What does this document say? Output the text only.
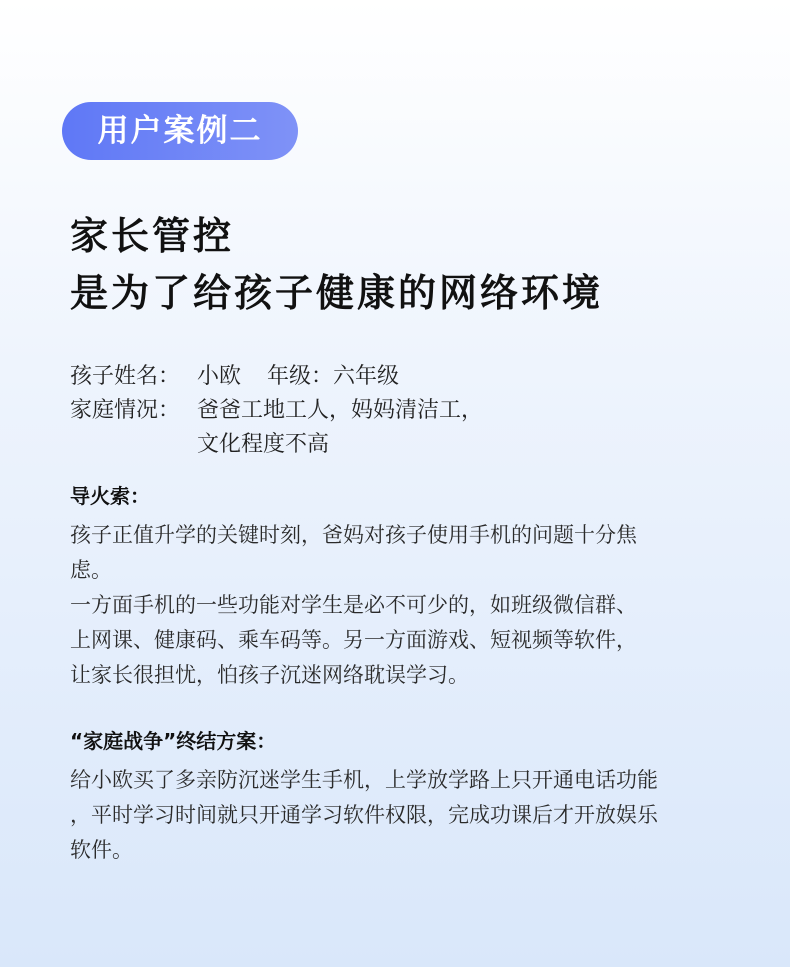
用户案例二
家长管控
是为了给孩子健康的网络环境
孩子姓名： 小欧 年级： 六年级
家庭情况： 爸爸工地工人，妈妈清洁工，
文化程度不高
导火索：

孩子正值升学的关键时刻，爸妈对孩子使用手机的问题十分焦

虑。

一方面手机的一些功能对学生是必不可少的，如班级微信群、

上网课、健康码、乘车码等。另一方面游戏、短视频等软件，

让家长很担忧，怕孩子沉迷网络耽误学习。

“家庭战争”终结方案：

给小欧买了多亲防沉迷学生手机，上学放学路上只开通电话功能

，平时学习时间就只开通学习软件权限，完成功课后才开放娱乐

软件。
